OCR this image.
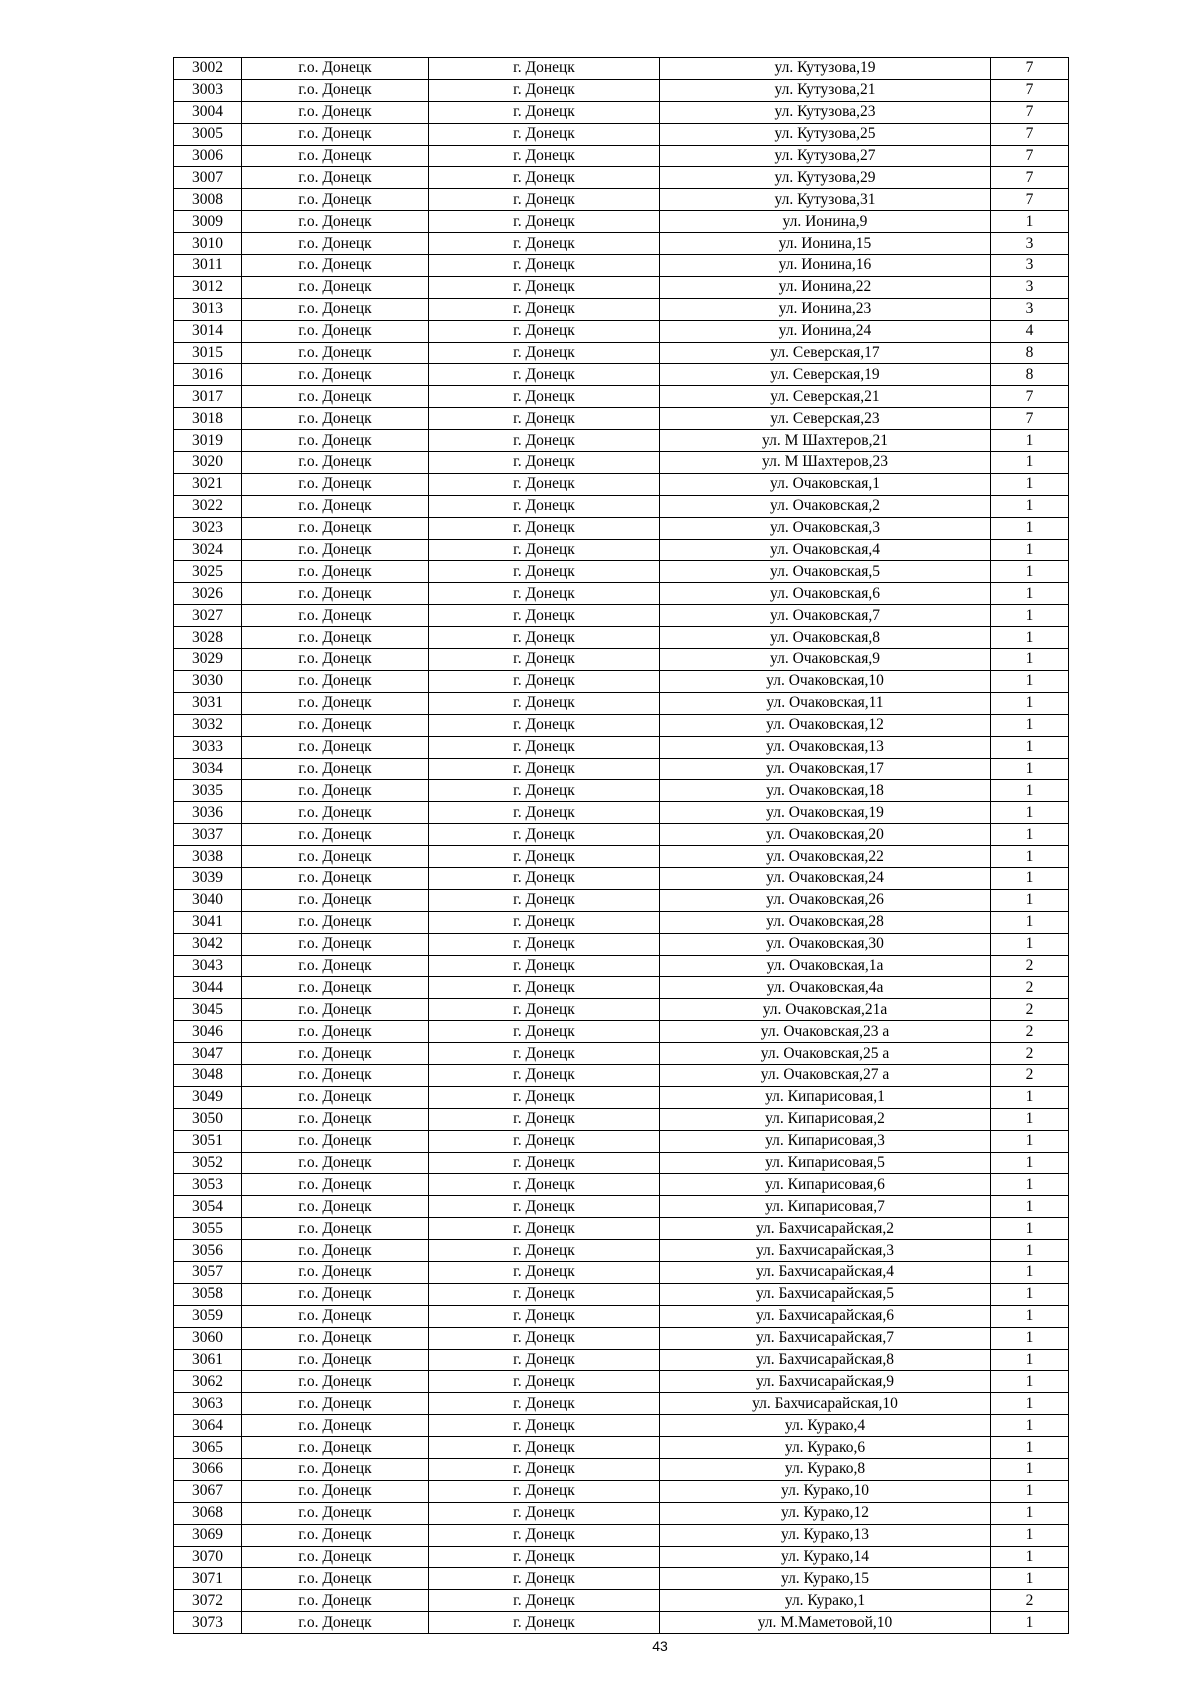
3002	г.о. Донецк	г. Донецк	ул. Кутузова,19	7
3003	г.о. Донецк	г. Донецк	ул. Кутузова,21	7
3004	г.о. Донецк	г. Донецк	ул. Кутузова,23	7
3005	г.о. Донецк	г. Донецк	ул. Кутузова,25	7
3006	г.о. Донецк	г. Донецк	ул. Кутузова,27	7
3007	г.о. Донецк	г. Донецк	ул. Кутузова,29	7
3008	г.о. Донецк	г. Донецк	ул. Кутузова,31	7
3009	г.о. Донецк	г. Донецк	ул. Ионина,9	1
3010	г.о. Донецк	г. Донецк	ул. Ионина,15	3
3011	г.о. Донецк	г. Донецк	ул. Ионина,16	3
3012	г.о. Донецк	г. Донецк	ул. Ионина,22	3
3013	г.о. Донецк	г. Донецк	ул. Ионина,23	3
3014	г.о. Донецк	г. Донецк	ул. Ионина,24	4
3015	г.о. Донецк	г. Донецк	ул. Северская,17	8
3016	г.о. Донецк	г. Донецк	ул. Северская,19	8
3017	г.о. Донецк	г. Донецк	ул. Северская,21	7
3018	г.о. Донецк	г. Донецк	ул. Северская,23	7
3019	г.о. Донецк	г. Донецк	ул. М Шахтеров,21	1
3020	г.о. Донецк	г. Донецк	ул. М Шахтеров,23	1
3021	г.о. Донецк	г. Донецк	ул. Очаковская,1	1
3022	г.о. Донецк	г. Донецк	ул. Очаковская,2	1
3023	г.о. Донецк	г. Донецк	ул. Очаковская,3	1
3024	г.о. Донецк	г. Донецк	ул. Очаковская,4	1
3025	г.о. Донецк	г. Донецк	ул. Очаковская,5	1
3026	г.о. Донецк	г. Донецк	ул. Очаковская,6	1
3027	г.о. Донецк	г. Донецк	ул. Очаковская,7	1
3028	г.о. Донецк	г. Донецк	ул. Очаковская,8	1
3029	г.о. Донецк	г. Донецк	ул. Очаковская,9	1
3030	г.о. Донецк	г. Донецк	ул. Очаковская,10	1
3031	г.о. Донецк	г. Донецк	ул. Очаковская,11	1
3032	г.о. Донецк	г. Донецк	ул. Очаковская,12	1
3033	г.о. Донецк	г. Донецк	ул. Очаковская,13	1
3034	г.о. Донецк	г. Донецк	ул. Очаковская,17	1
3035	г.о. Донецк	г. Донецк	ул. Очаковская,18	1
3036	г.о. Донецк	г. Донецк	ул. Очаковская,19	1
3037	г.о. Донецк	г. Донецк	ул. Очаковская,20	1
3038	г.о. Донецк	г. Донецк	ул. Очаковская,22	1
3039	г.о. Донецк	г. Донецк	ул. Очаковская,24	1
3040	г.о. Донецк	г. Донецк	ул. Очаковская,26	1
3041	г.о. Донецк	г. Донецк	ул. Очаковская,28	1
3042	г.о. Донецк	г. Донецк	ул. Очаковская,30	1
3043	г.о. Донецк	г. Донецк	ул. Очаковская,1а	2
3044	г.о. Донецк	г. Донецк	ул. Очаковская,4а	2
3045	г.о. Донецк	г. Донецк	ул. Очаковская,21а	2
3046	г.о. Донецк	г. Донецк	ул. Очаковская,23 а	2
3047	г.о. Донецк	г. Донецк	ул. Очаковская,25 а	2
3048	г.о. Донецк	г. Донецк	ул. Очаковская,27 а	2
3049	г.о. Донецк	г. Донецк	ул. Кипарисовая,1	1
3050	г.о. Донецк	г. Донецк	ул. Кипарисовая,2	1
3051	г.о. Донецк	г. Донецк	ул. Кипарисовая,3	1
3052	г.о. Донецк	г. Донецк	ул. Кипарисовая,5	1
3053	г.о. Донецк	г. Донецк	ул. Кипарисовая,6	1
3054	г.о. Донецк	г. Донецк	ул. Кипарисовая,7	1
3055	г.о. Донецк	г. Донецк	ул. Бахчисарайская,2	1
3056	г.о. Донецк	г. Донецк	ул. Бахчисарайская,3	1
3057	г.о. Донецк	г. Донецк	ул. Бахчисарайская,4	1
3058	г.о. Донецк	г. Донецк	ул. Бахчисарайская,5	1
3059	г.о. Донецк	г. Донецк	ул. Бахчисарайская,6	1
3060	г.о. Донецк	г. Донецк	ул. Бахчисарайская,7	1
3061	г.о. Донецк	г. Донецк	ул. Бахчисарайская,8	1
3062	г.о. Донецк	г. Донецк	ул. Бахчисарайская,9	1
3063	г.о. Донецк	г. Донецк	ул. Бахчисарайская,10	1
3064	г.о. Донецк	г. Донецк	ул. Курако,4	1
3065	г.о. Донецк	г. Донецк	ул. Курако,6	1
3066	г.о. Донецк	г. Донецк	ул. Курако,8	1
3067	г.о. Донецк	г. Донецк	ул. Курако,10	1
3068	г.о. Донецк	г. Донецк	ул. Курако,12	1
3069	г.о. Донецк	г. Донецк	ул. Курако,13	1
3070	г.о. Донецк	г. Донецк	ул. Курако,14	1
3071	г.о. Донецк	г. Донецк	ул. Курако,15	1
3072	г.о. Донецк	г. Донецк	ул. Курако,1	2
3073	г.о. Донецк	г. Донецк	ул. М.Маметовой,10	1
43
